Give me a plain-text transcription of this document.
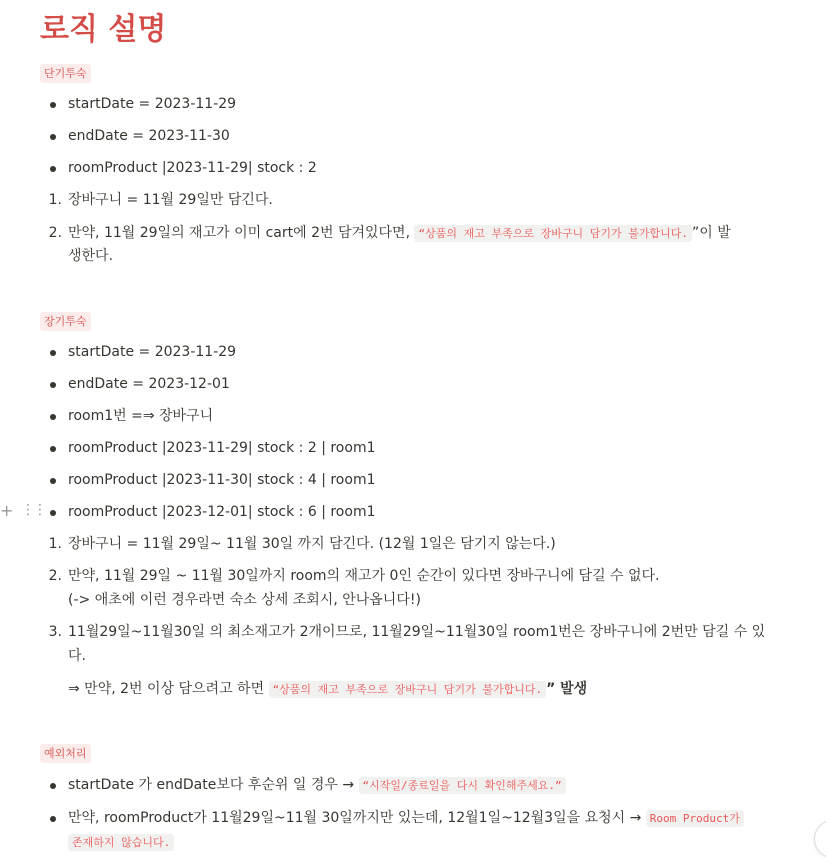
로직 설명
단기투숙
startDate = 2023-11-29
endDate = 2023-11-30
roomProduct |2023-11-29| stock : 2
1. 장바구니 = 11월 29일만 담긴다.
2. 만약, 11월 29일의 재고가 이미 cart에 2번 담겨있다면, “상품의 재고 부족으로 장바구니 담기가 불가합니다. ”이 발
생한다.
장기투숙
startDate = 2023-11-29
endDate = 2023-12-01
room1번 =⇒ 장바구니
roomProduct |2023-11-29| stock : 2 | room1
roomProduct |2023-11-30| stock : 4 | room1
+ ⋮⋮ roomProduct |2023-12-01| stock : 6 | room1
1. 장바구니 = 11월 29일~ 11월 30일 까지 담긴다. (12월 1일은 담기지 않는다.)
2. 만약, 11월 29일 ~ 11월 30일까지 room의 재고가 0인 순간이 있다면 장바구니에 담길 수 없다.
(-> 애초에 이런 경우라면 숙소 상세 조회시, 안나옵니다!)
3. 11월29일~11월30일 의 최소재고가 2개이므로, 11월29일~11월30일 room1번은 장바구니에 2번만 담길 수 있
다.
⇒ 만약, 2번 이상 담으려고 하면 “상품의 재고 부족으로 장바구니 담기가 불가합니다. ” 발생
예외처리
startDate 가 endDate보다 후순위 일 경우 → “시작일/종료일을 다시 확인해주세요.”
만약, roomProduct가 11월29일~11월 30일까지만 있는데, 12월1일~12월3일을 요청시 → Room Product가
존재하지 않습니다.
